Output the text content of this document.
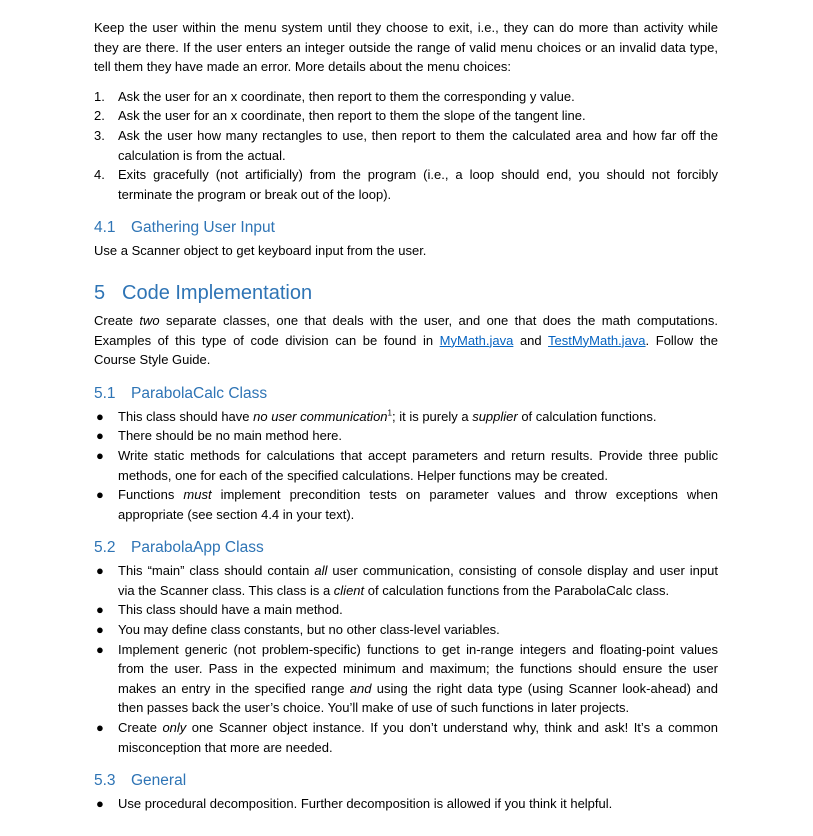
Keep the user within the menu system until they choose to exit, i.e., they can do more than activity while they are there. If the user enters an integer outside the range of valid menu choices or an invalid data type, tell them they have made an error. More details about the menu choices:

1. Ask the user for an x coordinate, then report to them the corresponding y value.
2. Ask the user for an x coordinate, then report to them the slope of the tangent line.
3. Ask the user how many rectangles to use, then report to them the calculated area and how far off the calculation is from the actual.
4. Exits gracefully (not artificially) from the program (i.e., a loop should end, you should not forcibly terminate the program or break out of the loop).
4.1 Gathering User Input

Use a Scanner object to get keyboard input from the user.

5 Code Implementation

Create two separate classes, one that deals with the user, and one that does the math computations. Examples of this type of code division can be found in MyMath.java and TestMyMath.java. Follow the Course Style Guide.

5.1 ParabolaCalc Class
● This class should have no user communication$^1$; it is purely a supplier of calculation functions.
● There should be no main method here.
● Write static methods for calculations that accept parameters and return results. Provide three public methods, one for each of the specified calculations. Helper functions may be created.
● Functions must implement precondition tests on parameter values and throw exceptions when appropriate (see section 4.4 in your text).
5.2 ParabolaApp Class
● This “main” class should contain all user communication, consisting of console display and user input via the Scanner class. This class is a client of calculation functions from the ParabolaCalc class.
● This class should have a main method.
● You may define class constants, but no other class-level variables.
● Implement generic (not problem-specific) functions to get in-range integers and floating-point values from the user. Pass in the expected minimum and maximum; the functions should ensure the user makes an entry in the specified range and using the right data type (using Scanner look-ahead) and then passes back the user’s choice. You’ll make of use of such functions in later projects.
● Create only one Scanner object instance. If you don’t understand why, think and ask! It’s a common misconception that more are needed.
5.3 General
● Use procedural decomposition. Further decomposition is allowed if you think it helpful.
